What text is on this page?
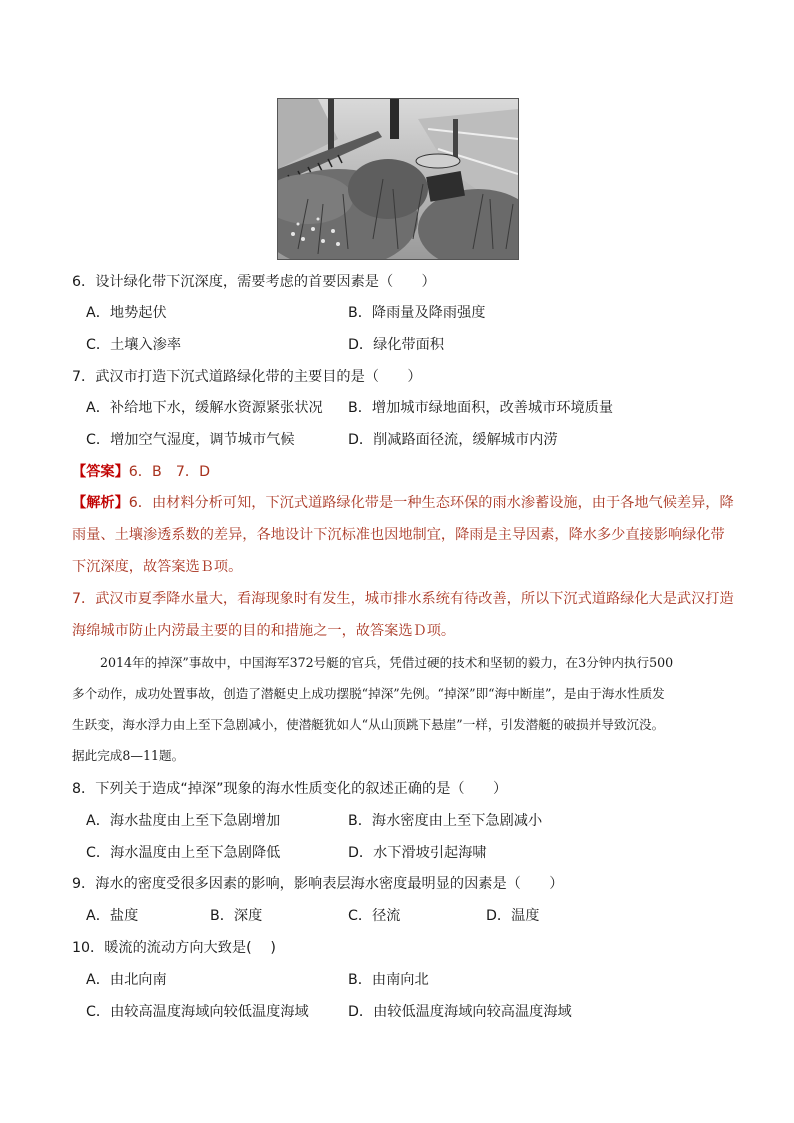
6．设计绿化带下沉深度，需要考虑的首要因素是（　　）
A．地势起伏	B．降雨量及降雨强度
C．土壤入渗率	D．绿化带面积
7．武汉市打造下沉式道路绿化带的主要目的是（　　）
A．补给地下水，缓解水资源紧张状况 B．增加城市绿地面积，改善城市环境质量
C．增加空气湿度，调节城市气候	D．削减路面径流，缓解城市内涝
【答案】6．B　7．D
【解析】6．由材料分析可知，下沉式道路绿化带是一种生态环保的雨水渗蓄设施，由于各地气候差异，降
雨量、土壤渗透系数的差异，各地设计下沉标准也因地制宜，降雨是主导因素，降水多少直接影响绿化带
下沉深度，故答案选Ｂ项。
7．武汉市夏季降水量大，看海现象时有发生，城市排水系统有待改善，所以下沉式道路绿化大是武汉打造
海绵城市防止内涝最主要的目的和措施之一，故答案选Ｄ项。
2014年的掉深”事故中，中国海军372号艇的官兵，凭借过硬的技术和坚韧的毅力，在3分钟内执行500
多个动作，成功处置事故，创造了潜艇史上成功摆脱“掉深”先例。“掉深”即“海中断崖”，是由于海水性质发
生跃变，海水浮力由上至下急剧减小，使潜艇犹如人“从山顶跳下悬崖”一样，引发潜艇的破损并导致沉没。
据此完成8—11题。
8．下列关于造成“掉深”现象的海水性质变化的叙述正确的是（　　）
A．海水盐度由上至下急剧增加	B．海水密度由上至下急剧减小
C．海水温度由上至下急剧降低	D．水下滑坡引起海啸
9．海水的密度受很多因素的影响，影响表层海水密度最明显的因素是（　　）
A．盐度	B．深度	C．径流	D．温度
10．暖流的流动方向大致是(　 )
A．由北向南	B．由南向北
C．由较高温度海域向较低温度海域	D．由较低温度海域向较高温度海域
